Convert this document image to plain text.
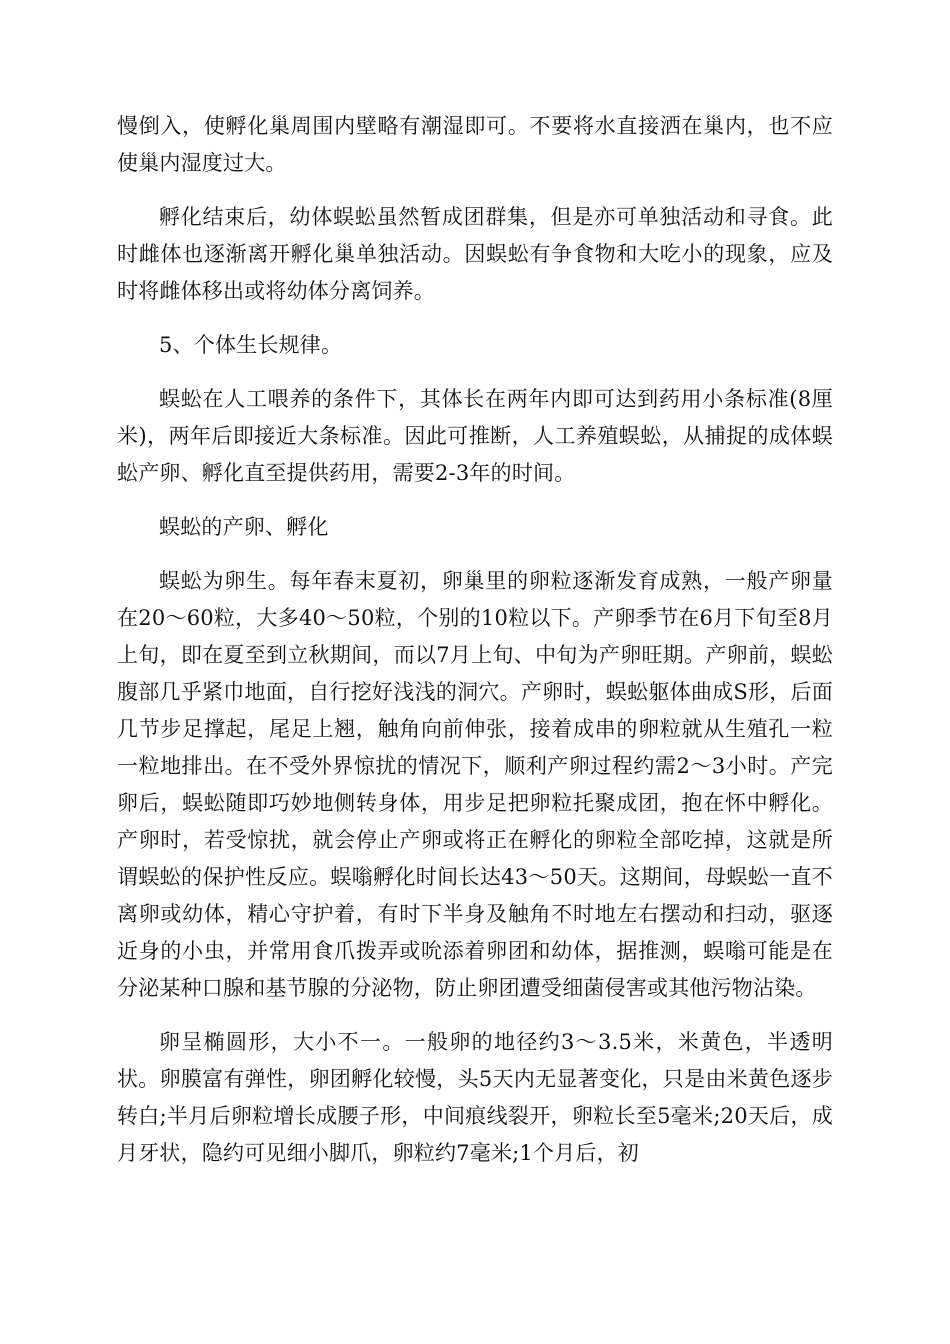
慢倒入，使孵化巢周围内壁略有潮湿即可。不要将水直接洒在巢内，也不应使巢内湿度过大。

孵化结束后，幼体蜈蚣虽然暂成团群集，但是亦可单独活动和寻食。此时雌体也逐渐离开孵化巢单独活动。因蜈蚣有争食物和大吃小的现象，应及时将雌体移出或将幼体分离饲养。

5、个体生长规律。

蜈蚣在人工喂养的条件下，其体长在两年内即可达到药用小条标准(8厘米)，两年后即接近大条标准。因此可推断，人工养殖蜈蚣，从捕捉的成体蜈蚣产卵、孵化直至提供药用，需要2-3年的时间。

蜈蚣的产卵、孵化

蜈蚣为卵生。每年春末夏初，卵巢里的卵粒逐渐发育成熟，一般产卵量在20～60粒，大多40～50粒，个别的10粒以下。产卵季节在6月下旬至8月上旬，即在夏至到立秋期间，而以7月上旬、中旬为产卵旺期。产卵前，蜈蚣腹部几乎紧巾地面，自行挖好浅浅的洞穴。产卵时，蜈蚣躯体曲成S形，后面几节步足撑起，尾足上翘，触角向前伸张，接着成串的卵粒就从生殖孔一粒一粒地排出。在不受外界惊扰的情况下，顺利产卵过程约需2～3小时。产完卵后，蜈蚣随即巧妙地侧转身体，用步足把卵粒托聚成团，抱在怀中孵化。产卵时，若受惊扰，就会停止产卵或将正在孵化的卵粒全部吃掉，这就是所谓蜈蚣的保护性反应。蜈嗡孵化时间长达43～50天。这期间，母蜈蚣一直不离卵或幼体，精心守护着，有时下半身及触角不时地左右摆动和扫动，驱逐近身的小虫，并常用食爪拨弄或吮添着卵团和幼体，据推测，蜈嗡可能是在分泌某种口腺和基节腺的分泌物，防止卵团遭受细菌侵害或其他污物沾染。

卵呈椭圆形，大小不一。一般卵的地径约3～3.5米，米黄色，半透明状。卵膜富有弹性，卵团孵化较慢，头5天内无显著变化，只是由米黄色逐步转白;半月后卵粒增长成腰子形，中间痕线裂开，卵粒长至5毫米;20天后，成月牙状，隐约可见细小脚爪，卵粒约7毫米;1个月后，初
